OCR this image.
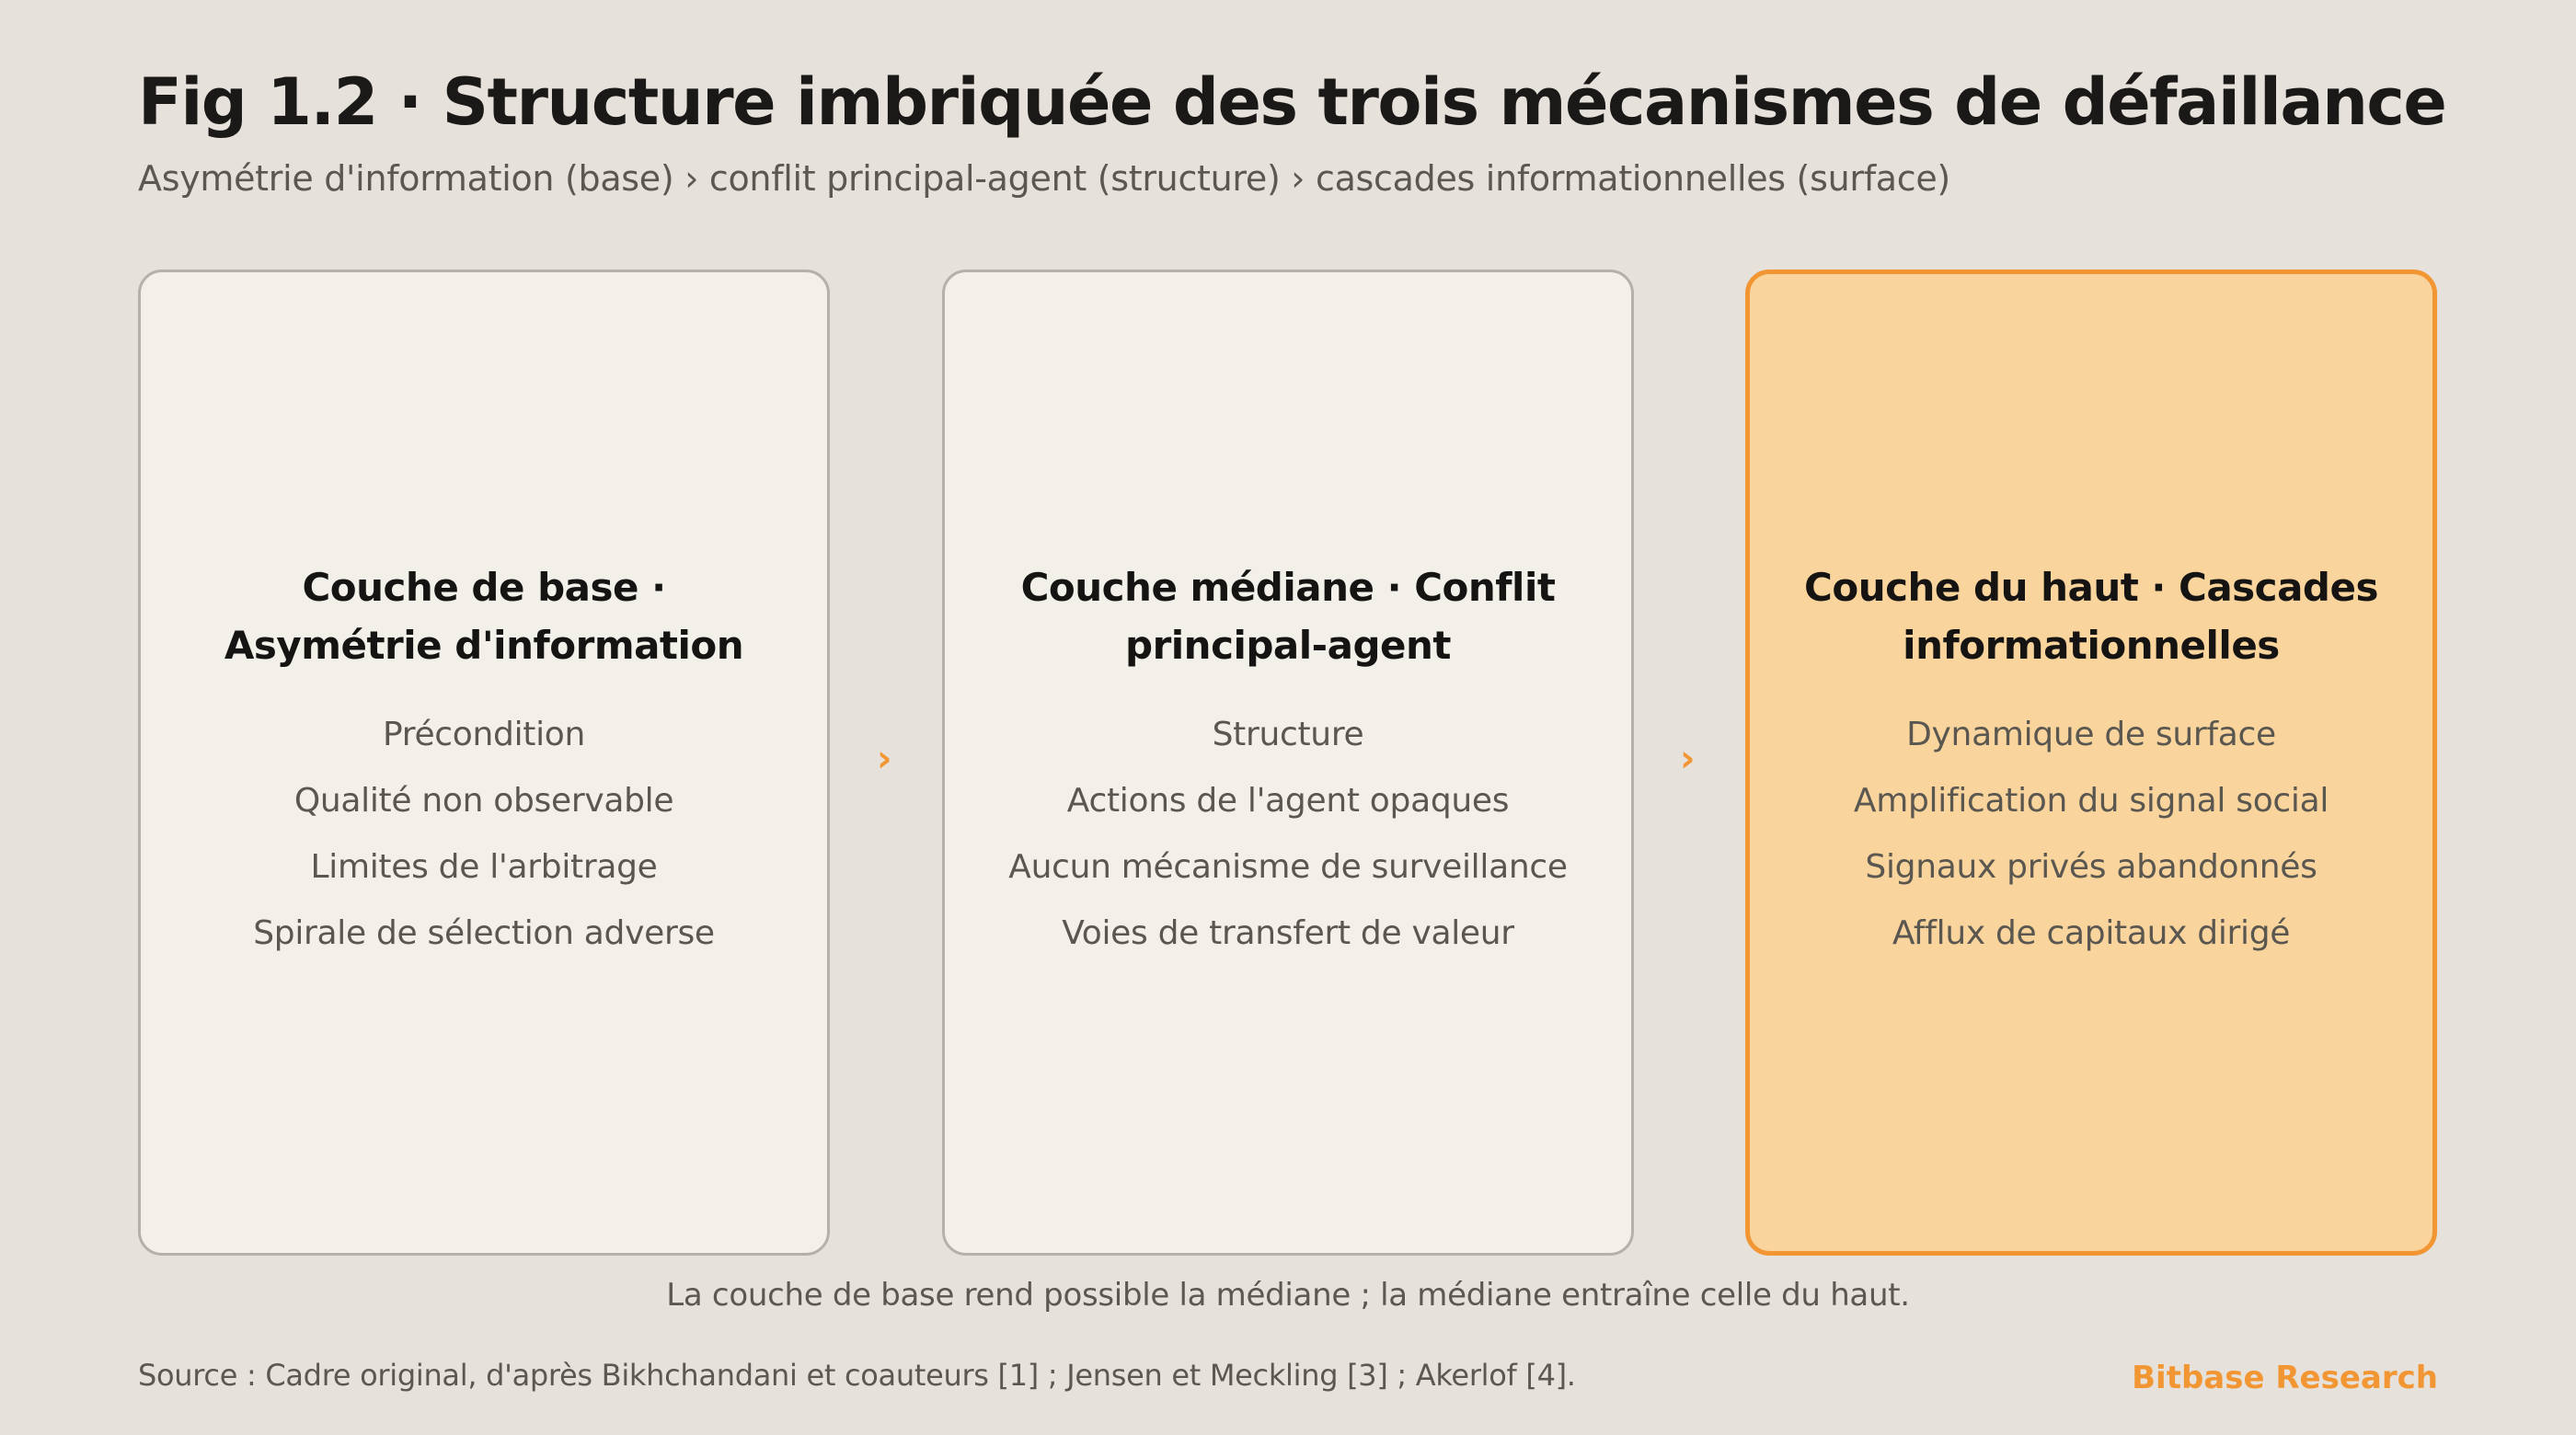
Fig 1.2 · Structure imbriquée des trois mécanismes de défaillance
Asymétrie d'information (base) › conflit principal-agent (structure) › cascades informationnelles (surface)
Couche de base · Asymétrie d'information
Précondition
Qualité non observable
Limites de l'arbitrage
Spirale de sélection adverse
›
Couche médiane · Conflit principal-agent
Structure
Actions de l'agent opaques
Aucun mécanisme de surveillance
Voies de transfert de valeur
›
Couche du haut · Cascades informationnelles
Dynamique de surface
Amplification du signal social
Signaux privés abandonnés
Afflux de capitaux dirigé
La couche de base rend possible la médiane ; la médiane entraîne celle du haut.
Source : Cadre original, d'après Bikhchandani et coauteurs [1] ; Jensen et Meckling [3] ; Akerlof [4].	Bitbase Research
